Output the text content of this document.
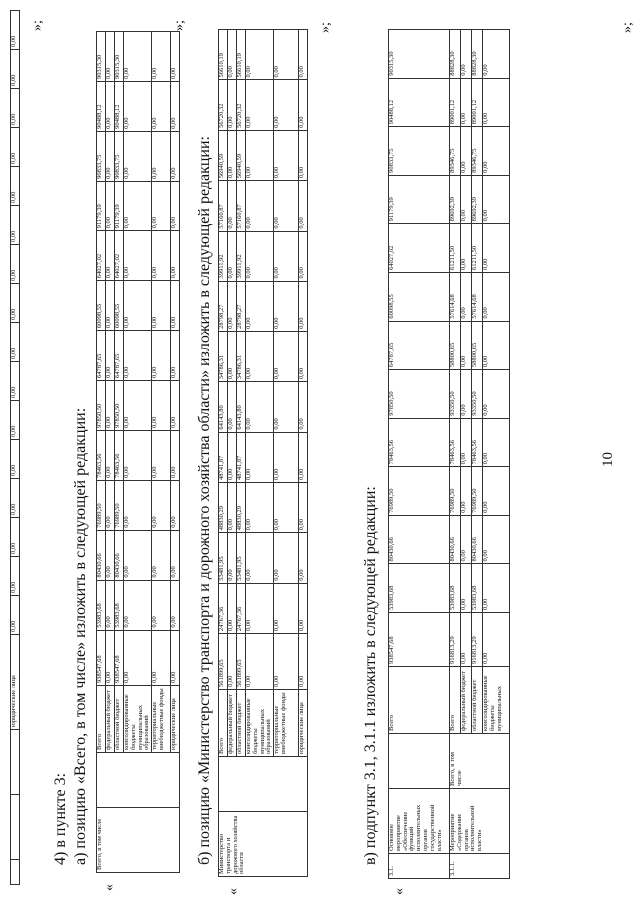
10
			юридические лица	0,00	0,00	0,00	0,00	0,00	0,00	0,00	0,00	0,00	0,00	0,00	0,00	0,00	0,00	0,00	0,00
»;
4) в пункте 3: а) позицию «Всего, в том числе» изложить в следующей редакции:
«
Всего, в том числе		Всего	938547,68	53983,68	80430,66	76989,50	78463,56	97850,50	64787,65	60098,55	64027,02	91179,39	90833,75	90488,12	90315,30
		федеральный бюджет	0,00	0,00	0,00	0,00	0,00	0,00	0,00	0,00	0,00	0,00	0,00	0,00	0,00
		областной бюджет	938547,68	53983,68	80430,66	76989,50	78463,56	97850,50	64787,65	60098,55	64027,02	91179,39	90833,75	90488,12	90315,30
		консолидированные бюджеты муниципальных образований	0,00	0,00	0,00	0,00	0,00	0,00	0,00	0,00	0,00	0,00	0,00	0,00	0,00
		территориальные внебюджетные фонды	0,00	0,00	0,00	0,00	0,00	0,00	0,00	0,00	0,00	0,00	0,00	0,00	0,00
		юридические лица	0,00	0,00	0,00	0,00	0,00	0,00	0,00	0,00	0,00	0,00	0,00	0,00	0,00
»;
б) позицию «Министерство транспорта и дорожного хозяйства области» изложить в следующей редакции:
«
Министерство транспорта и дорожного хозяйства области		Всего	561899,65	24767,36	53481,95	48830,29	48741,87	64143,80	34786,31	28798,27	39911,92	57160,87	56940,59	56720,32	56610,19
		федеральный бюджет	0,00	0,00	0,00	0,00	0,00	0,00	0,00	0,00	0,00	0,00	0,00	0,00	0,00
		областной бюджет	561899,65	24767,36	53481,95	48830,29	48741,87	64143,80	34786,31	28798,27	39911,92	57160,87	56940,59	56720,32	56610,19
		консолидированные бюджеты муниципальных образований	0,00	0,00	0,00	0,00	0,00	0,00	0,00	0,00	0,00	0,00	0,00	0,00	0,00
		территориальные внебюджетные фонды	0,00	0,00	0,00	0,00	0,00	0,00	0,00	0,00	0,00	0,00	0,00	0,00	0,00
		юридические лица	0,00	0,00	0,00	0,00	0,00	0,00	0,00	0,00	0,00	0,00	0,00	0,00	0,00
»;
в) подпункт 3.1, 3.1.1 изложить в следующей редакции:
«
3.1.	Основное мероприятие «Обеспечение функций исполнительных органов государственной власти»		Всего	938547,68	53983,68	80430,66	76989,50	78463,56	97850,50	64787,65	60098,55	64027,02	91179,39	90833,75	90488,12	90315,30
3.1.1.	Мероприятие «Содержание органов исполнительной власти»	Всего, в том числе	Всего	916813,29	53983,68	80430,66	76989,50	78463,56	93350,50	58800,65	57614,68	61211,50	89692,39	89346,75	89001,12	88828,30
			федеральный бюджет	0,00	0,00	0,00	0,00	0,00	0,00	0,00	0,00	0,00	0,00	0,00	0,00	0,00
			областной бюджет	916813,29	53983,68	80430,66	76989,50	78463,56	93350,50	58800,65	57614,68	61211,50	89692,39	89346,75	89001,12	88828,30
			консолидированные бюджеты муниципальных	0,00	0,00	0,00	0,00	0,00	0,00	0,00	0,00	0,00	0,00	0,00	0,00	0,00
»;
